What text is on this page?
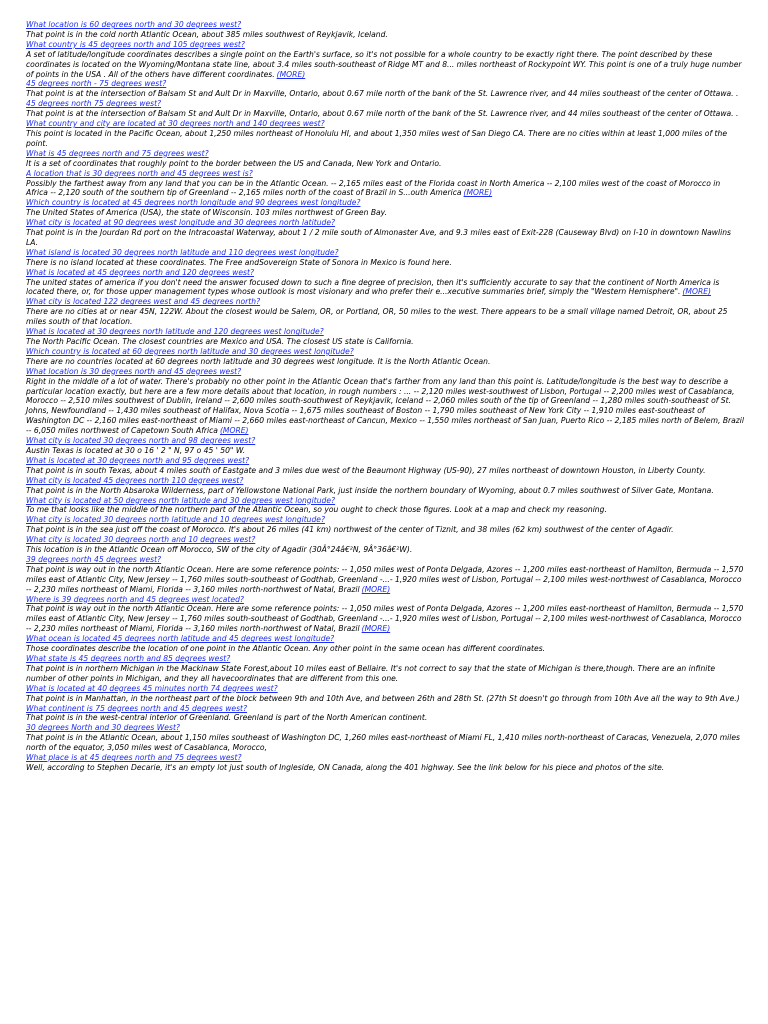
What location is 60 degrees north and 30 degrees west?
That point is in the cold north Atlantic Ocean, about 385 miles southwest of Reykjavik, Iceland.
What country is 45 degrees north and 105 degrees west?
A set of latitude/longitude coordinates describes a single point on the Earth's surface, so it's not possible for a whole country to be exactly right there. The point described by these coordinates is located on the Wyoming/Montana state line, about 3.4 miles south-southeast of Ridge MT and 8... miles northeast of Rockypoint WY. This point is one of a truly huge number of points in the USA . All of the others have different coordinates. (MORE)
45 degrees north - 75 degrees west?
That point is at the intersection of Balsam St and Ault Dr in Maxville, Ontario, about 0.67 mile north of the bank of the St. Lawrence river, and 44 miles southeast of the center of Ottawa. .
45 degrees north 75 degrees west?
That point is at the intersection of Balsam St and Ault Dr in Maxville, Ontario, about 0.67 mile north of the bank of the St. Lawrence river, and 44 miles southeast of the center of Ottawa. .
What country and city are located at 30 degrees north and 140 degrees west?
This point is located in the Pacific Ocean, about 1,250 miles northeast of Honolulu HI, and about 1,350 miles west of San Diego CA. There are no cities within at least 1,000 miles of the point.
What is 45 degrees north and 75 degrees west?
It is a set of coordinates that roughly point to the border between the US and Canada, New York and Ontario.
A location that is 30 degrees north and 45 degrees west is?
Possibly the farthest away from any land that you can be in the Atlantic Ocean. -- 2,165 miles east of the Florida coast in North America -- 2,100 miles west of the coast of Morocco in Africa -- 2,120 south of the southern tip of Greenland -- 2,165 miles north of the coast of Brazil in S...outh America (MORE)
Which country is located at 45 degrees north longitude and 90 degrees west longitude?
The United States of America (USA), the state of Wisconsin. 103 miles northwest of Green Bay.
What city is located at 90 degrees west longitude and 30 degrees north latitude?
That point is in the Jourdan Rd port on the Intracoastal Waterway, about 1 / 2 mile south of Almonaster Ave, and 9.3 miles east of Exit-228 (Causeway Blvd) on I-10 in downtown Nawlins LA.
What island is located 30 degrees north latitude and 110 degrees west longitude?
There is no island located at these coordinates. The Free andSovereign State of Sonora in Mexico is found here.
What is located at 45 degrees north and 120 degrees west?
The united states of america if you don't need the answer focused down to such a fine degree of precision, then it's sufficiently accurate to say that the continent of North America is located there, or, for those upper management types whose outlook is most visionary and who prefer their e...xecutive summaries brief, simply the "Western Hemisphere". (MORE)
What city is located 122 degrees west and 45 degrees north?
There are no cities at or near 45N, 122W. About the closest would be Salem, OR, or Portland, OR, 50 miles to the west. There appears to be a small village named Detroit, OR, about 25 miles south of that location.
What is located at 30 degrees north latitude and 120 degrees west longitude?
The North Pacific Ocean. The closest countries are Mexico and USA. The closest US state is California.
Which country is located at 60 degrees north latitude and 30 degrees west longitude?
There are no countries located at 60 degrees north latitude and 30 degrees west longitude. It is the North Atlantic Ocean.
What location is 30 degrees north and 45 degrees west?
Right in the middle of a lot of water. There's probably no other point in the Atlantic Ocean that's farther from any land than this point is. Latitude/longitude is the best way to describe a particular location exactly, but here are a few more details about that location, in rough numbers : ... -- 2,120 miles west-southwest of Lisbon, Portugal -- 2,200 miles west of Casablanca, Morocco -- 2,510 miles southwest of Dublin, Ireland -- 2,600 miles south-southwest of Reykjavik, Iceland -- 2,060 miles south of the tip of Greenland -- 1,280 miles south-southeast of St. Johns, Newfoundland -- 1,430 miles southeast of Halifax, Nova Scotia -- 1,675 miles southeast of Boston -- 1,790 miles southeast of New York City -- 1,910 miles east-southeast of Washington DC -- 2,160 miles east-northeast of Miami -- 2,660 miles east-northeast of Cancun, Mexico -- 1,550 miles northeast of San Juan, Puerto Rico -- 2,185 miles north of Belem, Brazil -- 6,050 miles northwest of Capetown South Africa (MORE)
What city is located 30 degrees north and 98 degrees west?
Austin Texas is located at 30 o 16 ' 2 " N, 97 o 45 ' 50" W.
What is located at 30 degrees north and 95 degrees west?
That point is in south Texas, about 4 miles south of Eastgate and 3 miles due west of the Beaumont Highway (US-90), 27 miles northeast of downtown Houston, in Liberty County.
What city is located 45 degrees north 110 degrees west?
That point is in the North Absaroka Wilderness, part of Yellowstone National Park, just inside the northern boundary of Wyoming, about 0.7 miles southwest of Silver Gate, Montana.
What city is located at 50 degrees north latitude and 30 degrees west longitude?
To me that looks like the middle of the northern part of the Atlantic Ocean, so you ought to check those figures. Look at a map and check my reasoning.
What city is located 30 degrees north latitude and 10 degrees west longitude?
That point is in the sea just off the coast of Morocco. It's about 26 miles (41 km) northwest of the center of Tiznit, and 38 miles (62 km) southwest of the center of Agadir.
What city is located 30 degrees north and 10 degrees west?
This location is in the Atlantic Ocean off Morocco, SW of the city of Agadir (30Â°24â€²N, 9Â°36â€²W).
39 degrees north 45 degrees west?
That point is way out in the north Atlantic Ocean. Here are some reference points: -- 1,050 miles west of Ponta Delgada, Azores -- 1,200 miles east-northeast of Hamilton, Bermuda -- 1,570 miles east of Atlantic City, New Jersey -- 1,760 miles south-southeast of Godthab, Greenland -...- 1,920 miles west of Lisbon, Portugal -- 2,100 miles west-northwest of Casablanca, Morocco -- 2,230 miles northeast of Miami, Florida -- 3,160 miles north-northwest of Natal, Brazil (MORE)
Where is 39 degrees north and 45 degrees west located?
That point is way out in the north Atlantic Ocean. Here are some reference points: -- 1,050 miles west of Ponta Delgada, Azores -- 1,200 miles east-northeast of Hamilton, Bermuda -- 1,570 miles east of Atlantic City, New Jersey -- 1,760 miles south-southeast of Godthab, Greenland -...- 1,920 miles west of Lisbon, Portugal -- 2,100 miles west-northwest of Casablanca, Morocco -- 2,230 miles northeast of Miami, Florida -- 3,160 miles north-northwest of Natal, Brazil (MORE)
What ocean is located 45 degrees north latitude and 45 degrees west longitude?
Those coordinates describe the location of one point in the Atlantic Ocean. Any other point in the same ocean has different coordinates.
What state is 45 degrees north and 85 degrees west?
That point is in northern Michigan in the Mackinaw State Forest,about 10 miles east of Bellaire. It's not correct to say that the state of Michigan is there,though. There are an infinite number of other points in Michigan, and they all havecoordinates that are different from this one.
What is located at 40 degrees 45 minutes north 74 degrees west?
That point is in Manhattan, in the northeast part of the block between 9th and 10th Ave, and between 26th and 28th St. (27th St doesn't go through from 10th Ave all the way to 9th Ave.)
What continent is 75 degrees north and 45 degrees west?
That point is in the west-central interior of Greenland. Greenland is part of the North American continent.
30 degrees North and 30 degrees West?
That point is in the Atlantic Ocean, about 1,150 miles southeast of Washington DC, 1,260 miles east-northeast of Miami FL, 1,410 miles north-northeast of Caracas, Venezuela, 2,070 miles north of the equator, 3,050 miles west of Casablanca, Morocco,
What place is at 45 degrees north and 75 degrees west?
Well, according to Stephen Decarie, it's an empty lot just south of Ingleside, ON Canada, along the 401 highway. See the link below for his piece and photos of the site.
